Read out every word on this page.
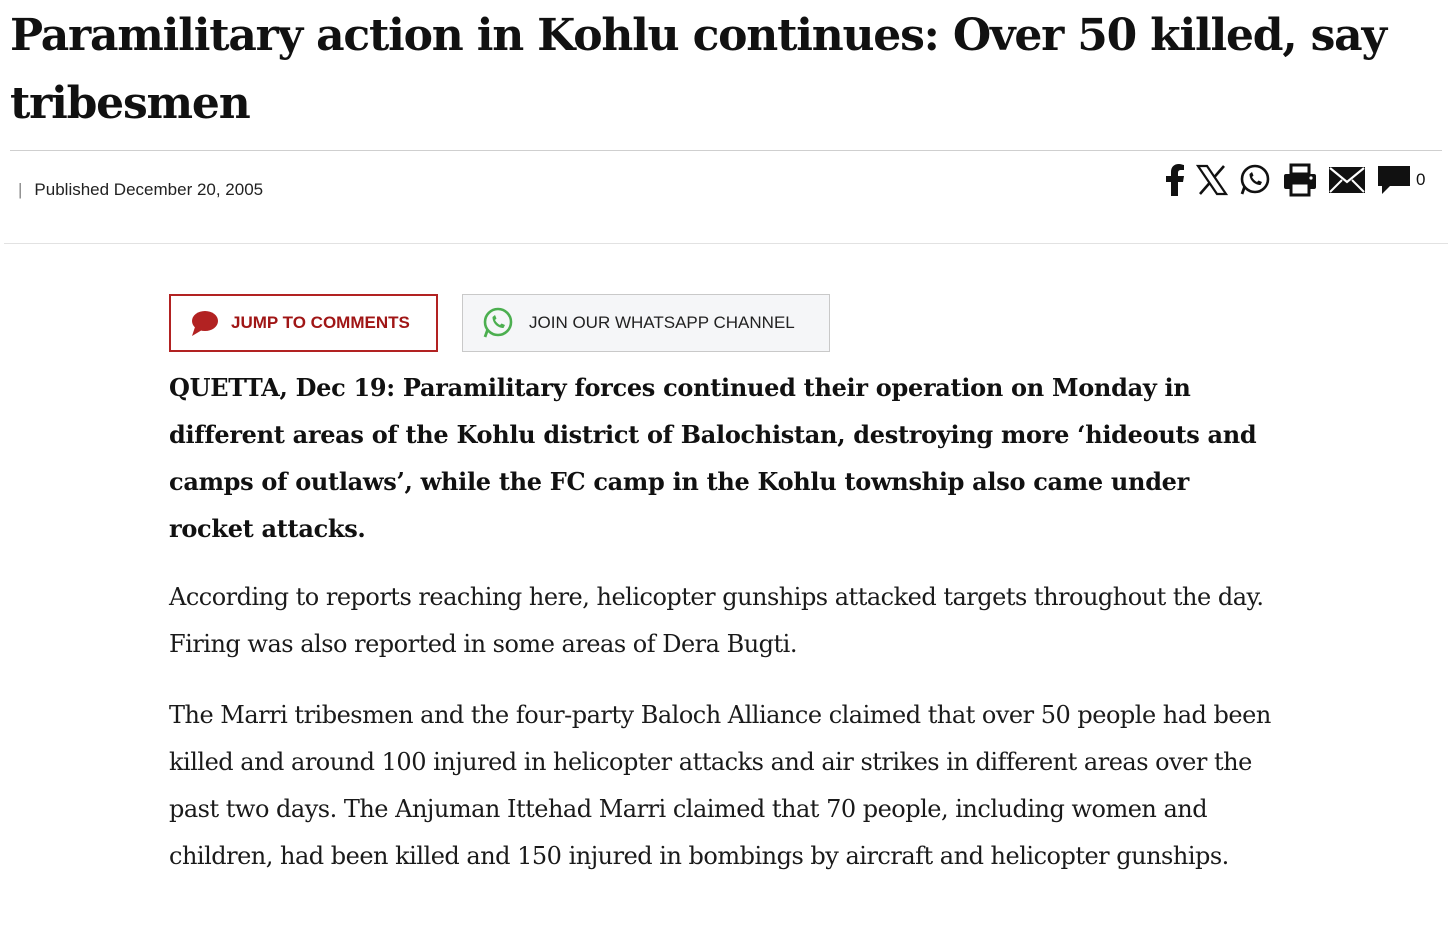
Paramilitary action in Kohlu continues: Over 50 killed, say tribesmen
| Published December 20, 2005
0
JUMP TO COMMENTS	JOIN OUR WHATSAPP CHANNEL

QUETTA, Dec 19: Paramilitary forces continued their operation on Monday in different areas of the Kohlu district of Balochistan, destroying more ‘hideouts and camps of outlaws’, while the FC camp in the Kohlu township also came under rocket attacks.

According to reports reaching here, helicopter gunships attacked targets throughout the day. Firing was also reported in some areas of Dera Bugti.

The Marri tribesmen and the four-party Baloch Alliance claimed that over 50 people had been killed and around 100 injured in helicopter attacks and air strikes in different areas over the past two days. The Anjuman Ittehad Marri claimed that 70 people, including women and children, had been killed and 150 injured in bombings by aircraft and helicopter gunships.
